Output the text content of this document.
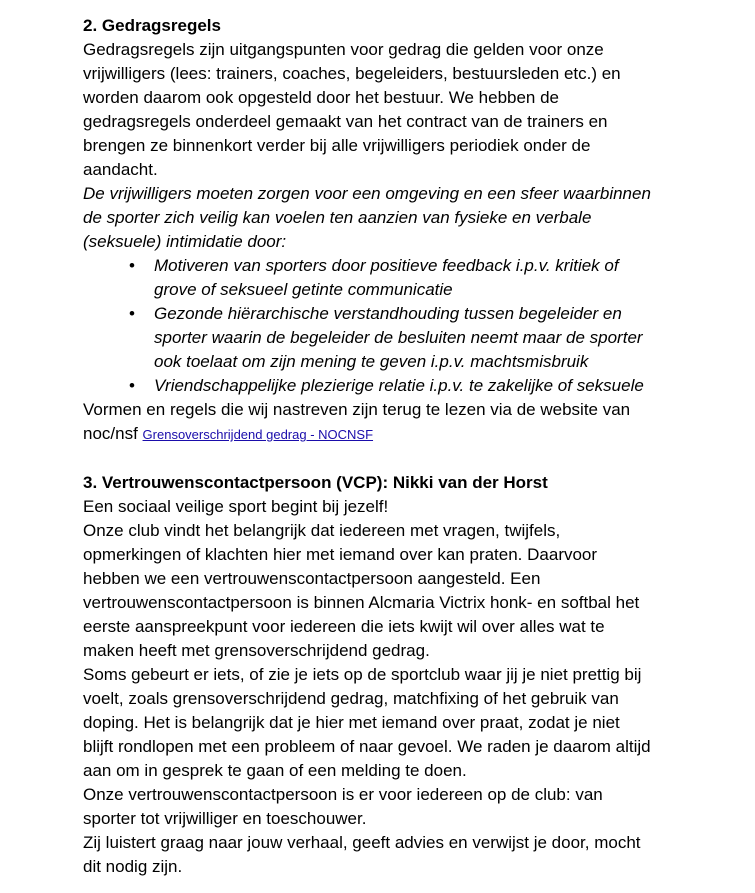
2. Gedragsregels

Gedragsregels zijn uitgangspunten voor gedrag die gelden voor onze
vrijwilligers (lees: trainers, coaches, begeleiders, bestuursleden etc.) en
worden daarom ook opgesteld door het bestuur. We hebben de
gedragsregels onderdeel gemaakt van het contract van de trainers en
brengen ze binnenkort verder bij alle vrijwilligers periodiek onder de
aandacht.

De vrijwilligers moeten zorgen voor een omgeving en een sfeer waarbinnen
de sporter zich veilig kan voelen ten aanzien van fysieke en verbale
(seksuele) intimidatie door:

• Motiveren van sporters door positieve feedback i.p.v. kritiek of
grove of seksueel getinte communicatie
• Gezonde hiërarchische verstandhouding tussen begeleider en
sporter waarin de begeleider de besluiten neemt maar de sporter
ook toelaat om zijn mening te geven i.p.v. machtsmisbruik
• Vriendschappelijke plezierige relatie i.p.v. te zakelijke of seksuele

Vormen en regels die wij nastreven zijn terug te lezen via de website van
noc/nsf Grensoverschrijdend gedrag - NOCNSF

3. Vertrouwenscontactpersoon (VCP): Nikki van der Horst

Een sociaal veilige sport begint bij jezelf!

Onze club vindt het belangrijk dat iedereen met vragen, twijfels,
opmerkingen of klachten hier met iemand over kan praten. Daarvoor
hebben we een vertrouwenscontactpersoon aangesteld. Een
vertrouwenscontactpersoon is binnen Alcmaria Victrix honk- en softbal het
eerste aanspreekpunt voor iedereen die iets kwijt wil over alles wat te
maken heeft met grensoverschrijdend gedrag.

Soms gebeurt er iets, of zie je iets op de sportclub waar jij je niet prettig bij
voelt, zoals grensoverschrijdend gedrag, matchfixing of het gebruik van
doping. Het is belangrijk dat je hier met iemand over praat, zodat je niet
blijft rondlopen met een probleem of naar gevoel. We raden je daarom altijd
aan om in gesprek te gaan of een melding te doen.

Onze vertrouwenscontactpersoon is er voor iedereen op de club: van
sporter tot vrijwilliger en toeschouwer.

Zij luistert graag naar jouw verhaal, geeft advies en verwijst je door, mocht
dit nodig zijn.
